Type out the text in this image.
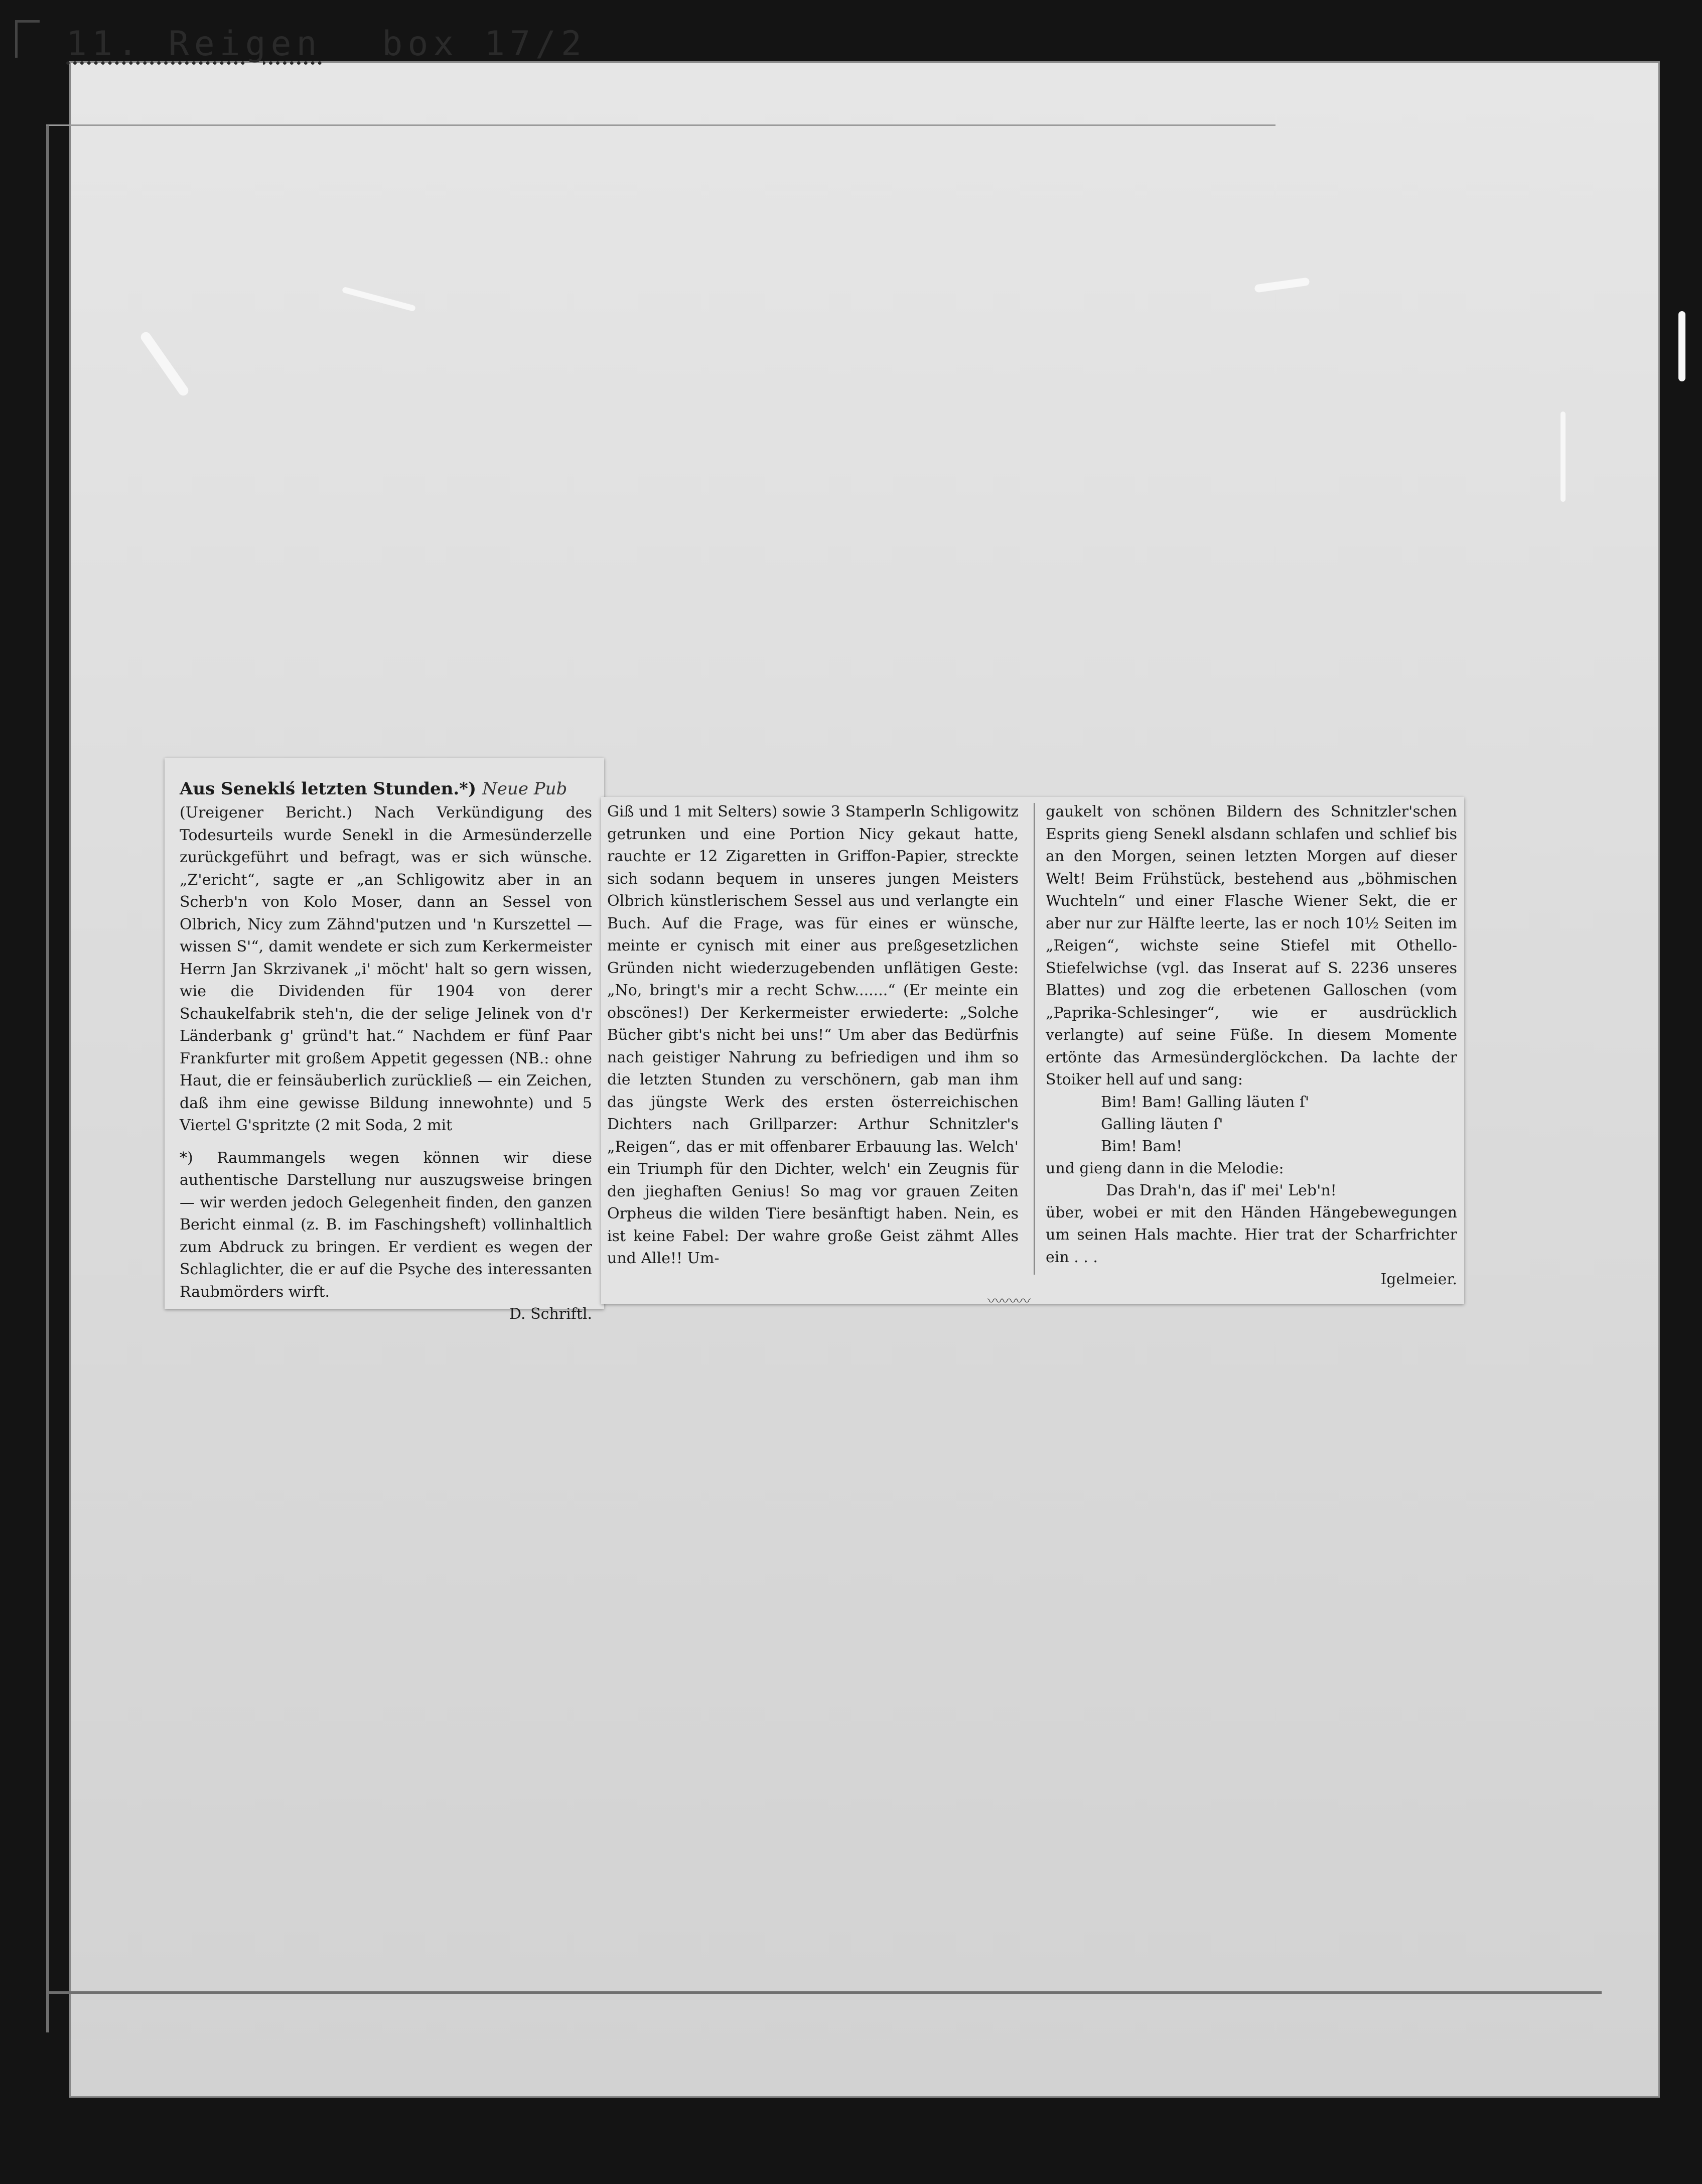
11. Reigen box 17/2
Aus Seneklś letzten Stunden.*) Neue Pub

(Ureigener Bericht.) Nach Verkündigung des Todesurteils wurde Senekl in die Armesünderzelle zurückgeführt und befragt, was er sich wünsche. „Z'ericht“, sagte er „an Schligowitz aber in an Scherb'n von Kolo Moser, dann an Sessel von Olbrich, Nicy zum Zähnd'putzen und 'n Kurszettel — wissen S'“, damit wendete er sich zum Kerkermeister Herrn Jan Skrzivanek „i' möcht' halt so gern wissen, wie die Dividenden für 1904 von derer Schaukelfabrik steh'n, die der selige Jelinek von d'r Länderbank g' gründ't hat.“ Nachdem er fünf Paar Frankfurter mit großem Appetit gegessen (NB.: ohne Haut, die er feinsäuberlich zurückließ — ein Zeichen, daß ihm eine gewisse Bildung innewohnte) und 5 Viertel G'spritzte (2 mit Soda, 2 mit

*) Raummangels wegen können wir diese authentische Darstellung nur auszugsweise bringen — wir werden jedoch Gelegenheit finden, den ganzen Bericht einmal (z. B. im Faschingsheft) vollinhaltlich zum Abdruck zu bringen. Er verdient es wegen der Schlaglichter, die er auf die Psyche des interessanten Raubmörders wirft.

D. Schriftl.

Giß und 1 mit Selters) sowie 3 Stamperln Schligowitz getrunken und eine Portion Nicy gekaut hatte, rauchte er 12 Zigaretten in Griffon-Papier, streckte sich sodann bequem in unseres jungen Meisters Olbrich künstlerischem Sessel aus und verlangte ein Buch. Auf die Frage, was für eines er wünsche, meinte er cynisch mit einer aus preßgesetzlichen Gründen nicht wiederzugebenden unflätigen Geste: „No, bringt's mir a recht Schw.......“ (Er meinte ein obscönes!) Der Kerkermeister erwiederte: „Solche Bücher gibt's nicht bei uns!“ Um aber das Bedürfnis nach geistiger Nahrung zu befriedigen und ihm so die letzten Stunden zu verschönern, gab man ihm das jüngste Werk des ersten österreichischen Dichters nach Grillparzer: Arthur Schnitzler's „Reigen“, das er mit offenbarer Erbauung las. Welch' ein Triumph für den Dichter, welch' ein Zeugnis für den jieghaften Genius! So mag vor grauen Zeiten Orpheus die wilden Tiere besänftigt haben. Nein, es ist keine Fabel: Der wahre große Geist zähmt Alles und Alle!! Um-

gaukelt von schönen Bildern des Schnitzler'schen Esprits gieng Senekl alsdann schlafen und schlief bis an den Morgen, seinen letzten Morgen auf dieser Welt! Beim Frühstück, bestehend aus „böhmischen Wuchteln“ und einer Flasche Wiener Sekt, die er aber nur zur Hälfte leerte, las er noch 10½ Seiten im „Reigen“, wichste seine Stiefel mit Othello-Stiefelwichse (vgl. das Inserat auf S. 2236 unseres Blattes) und zog die erbetenen Galloschen (vom „Paprika-Schlesinger“, wie er ausdrücklich verlangte) auf seine Füße. In diesem Momente ertönte das Armesünderglöckchen. Da lachte der Stoiker hell auf und sang:

Bim! Bam! Galling läuten ſ'

Galling läuten ſ'

Bim! Bam!

und gieng dann in die Melodie:

Das Drah'n, das iſ' mei' Leb'n!

über, wobei er mit den Händen Hängebewegungen um seinen Hals machte. Hier trat der Scharfrichter ein . . .

Igelmeier.

〰〰〰
